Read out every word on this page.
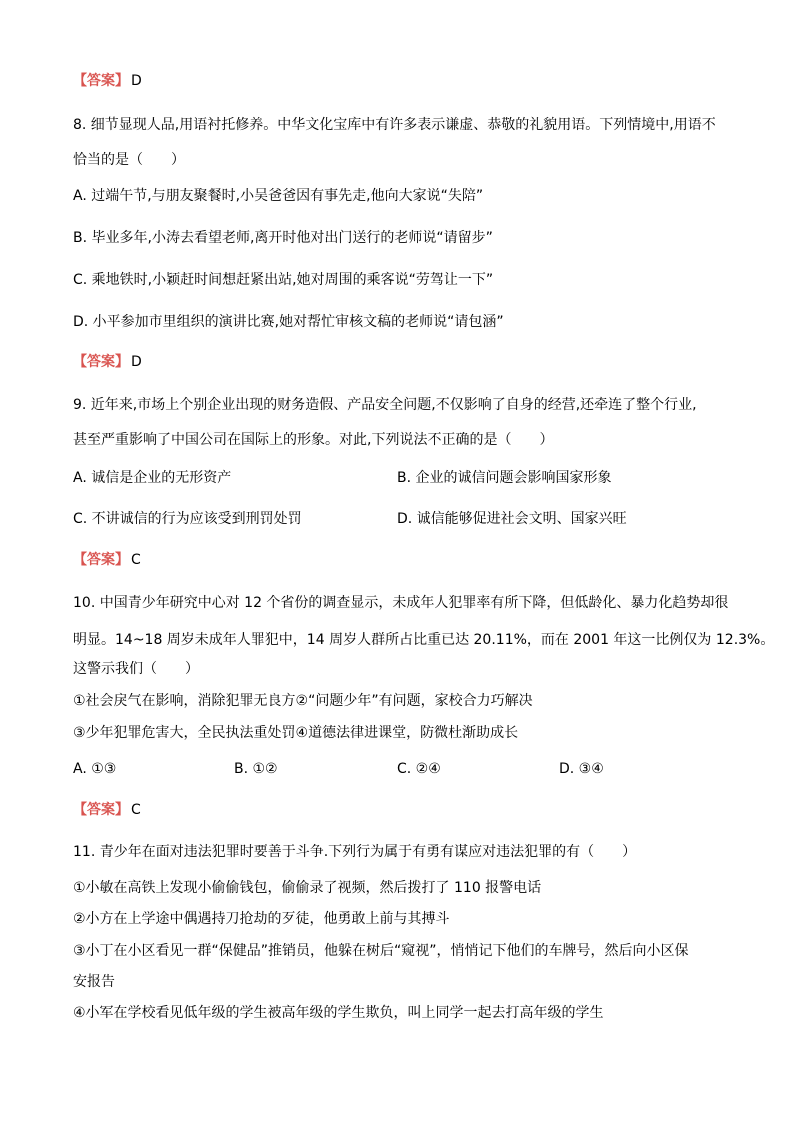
【答案】 D
8. 细节显现人品,用语衬托修养。中华文化宝库中有许多表示谦虚、恭敬的礼貌用语。下列情境中,用语不
恰当的是（　　）
A. 过端午节,与朋友聚餐时,小吴爸爸因有事先走,他向大家说“失陪”
B. 毕业多年,小涛去看望老师,离开时他对出门送行的老师说“请留步”
C. 乘地铁时,小颖赶时间想赶紧出站,她对周围的乘客说“劳驾让一下”
D. 小平参加市里组织的演讲比赛,她对帮忙审核文稿的老师说“请包涵”
【答案】 D
9. 近年来,市场上个别企业出现的财务造假、产品安全问题,不仅影响了自身的经营,还牵连了整个行业,
甚至严重影响了中国公司在国际上的形象。对此,下列说法不正确的是（　　）
A. 诚信是企业的无形资产	B. 企业的诚信问题会影响国家形象
C. 不讲诚信的行为应该受到刑罚处罚	D. 诚信能够促进社会文明、国家兴旺
【答案】 C
10. 中国青少年研究中心对 12 个省份的调查显示，未成年人犯罪率有所下降，但低龄化、暴力化趋势却很
明显。14~18 周岁未成年人罪犯中，14 周岁人群所占比重已达 20.11%，而在 2001 年这一比例仅为 12.3%。
这警示我们（　　）
①社会戾气在影响，消除犯罪无良方②“问题少年”有问题，家校合力巧解决
③少年犯罪危害大，全民执法重处罚④道德法律进课堂，防微杜渐助成长
A. ①③	B. ①②	C. ②④	D. ③④
【答案】 C
11. 青少年在面对违法犯罪时要善于斗争.下列行为属于有勇有谋应对违法犯罪的有（　　）
①小敏在高铁上发现小偷偷钱包，偷偷录了视频，然后拨打了 110 报警电话
②小方在上学途中偶遇持刀抢劫的歹徒，他勇敢上前与其搏斗
③小丁在小区看见一群“保健品”推销员，他躲在树后“窥视”，悄悄记下他们的车牌号，然后向小区保
安报告
④小军在学校看见低年级的学生被高年级的学生欺负，叫上同学一起去打高年级的学生
